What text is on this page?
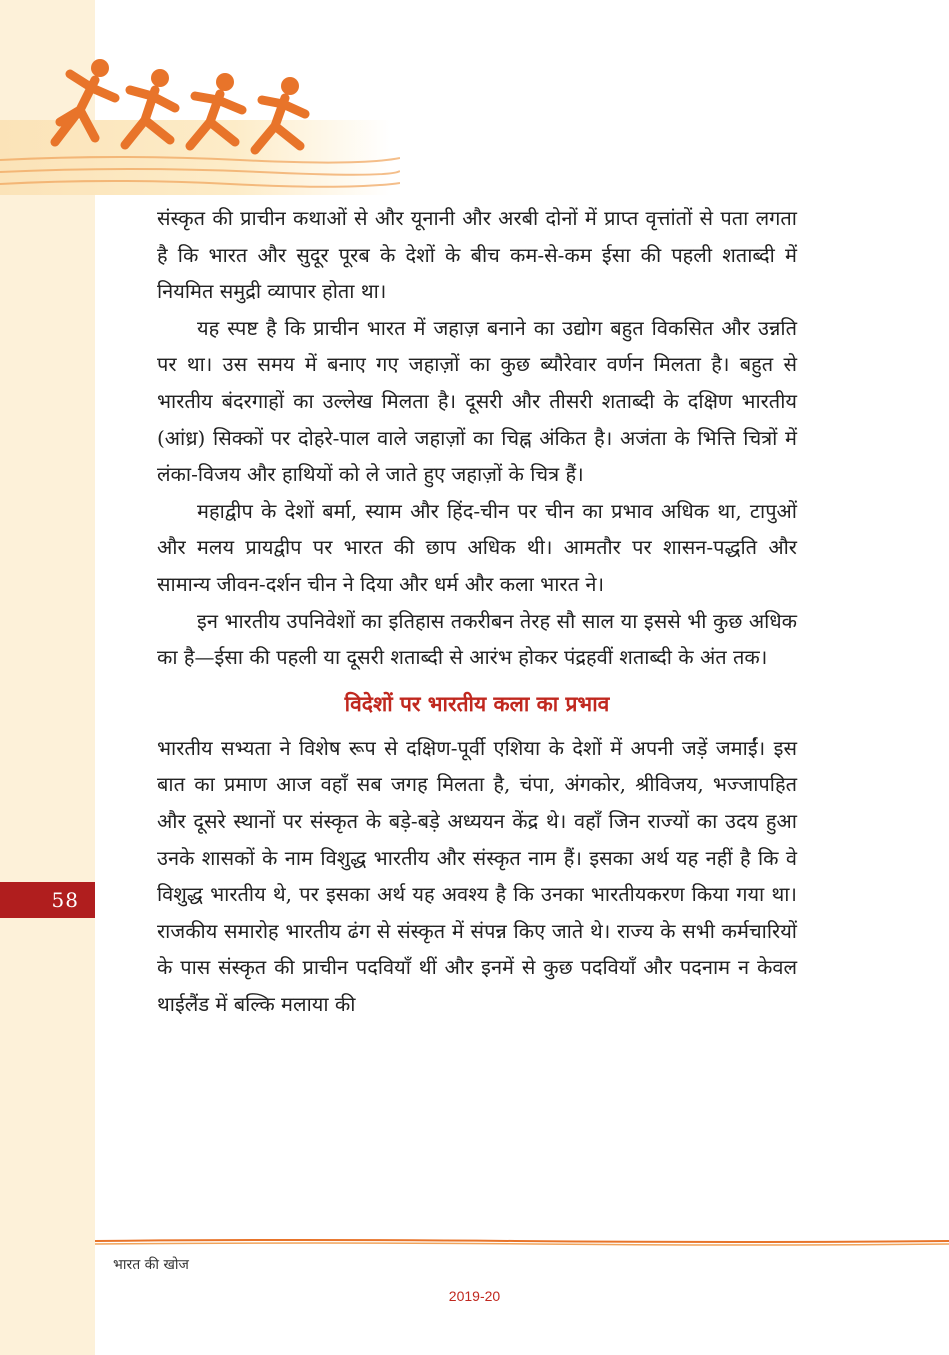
58

संस्कृत की प्राचीन कथाओं से और यूनानी और अरबी दोनों में प्राप्त वृत्तांतों से पता लगता है कि भारत और सुदूर पूरब के देशों के बीच कम-से-कम ईसा की पहली शताब्दी में नियमित समुद्री व्यापार होता था।

यह स्पष्ट है कि प्राचीन भारत में जहाज़ बनाने का उद्योग बहुत विकसित और उन्नति पर था। उस समय में बनाए गए जहाज़ों का कुछ ब्यौरेवार वर्णन मिलता है। बहुत से भारतीय बंदरगाहों का उल्लेख मिलता है। दूसरी और तीसरी शताब्दी के दक्षिण भारतीय (आंध्र) सिक्कों पर दोहरे-पाल वाले जहाज़ों का चिह्न अंकित है। अजंता के भित्ति चित्रों में लंका-विजय और हाथियों को ले जाते हुए जहाज़ों के चित्र हैं।

महाद्वीप के देशों बर्मा, स्याम और हिंद-चीन पर चीन का प्रभाव अधिक था, टापुओं और मलय प्रायद्वीप पर भारत की छाप अधिक थी। आमतौर पर शासन-पद्धति और सामान्य जीवन-दर्शन चीन ने दिया और धर्म और कला भारत ने।

इन भारतीय उपनिवेशों का इतिहास तकरीबन तेरह सौ साल या इससे भी कुछ अधिक का है—ईसा की पहली या दूसरी शताब्दी से आरंभ होकर पंद्रहवीं शताब्दी के अंत तक।

विदेशों पर भारतीय कला का प्रभाव

भारतीय सभ्यता ने विशेष रूप से दक्षिण-पूर्वी एशिया के देशों में अपनी जड़ें जमाईं। इस बात का प्रमाण आज वहाँ सब जगह मिलता है, चंपा, अंगकोर, श्रीविजय, भज्जापहित और दूसरे स्थानों पर संस्कृत के बड़े-बड़े अध्ययन केंद्र थे। वहाँ जिन राज्यों का उदय हुआ उनके शासकों के नाम विशुद्ध भारतीय और संस्कृत नाम हैं। इसका अर्थ यह नहीं है कि वे विशुद्ध भारतीय थे, पर इसका अर्थ यह अवश्य है कि उनका भारतीयकरण किया गया था। राजकीय समारोह भारतीय ढंग से संस्कृत में संपन्न किए जाते थे। राज्य के सभी कर्मचारियों के पास संस्कृत की प्राचीन पदवियाँ थीं और इनमें से कुछ पदवियाँ और पदनाम न केवल थाईलैंड में बल्कि मलाया की

भारत की खोज
2019-20
